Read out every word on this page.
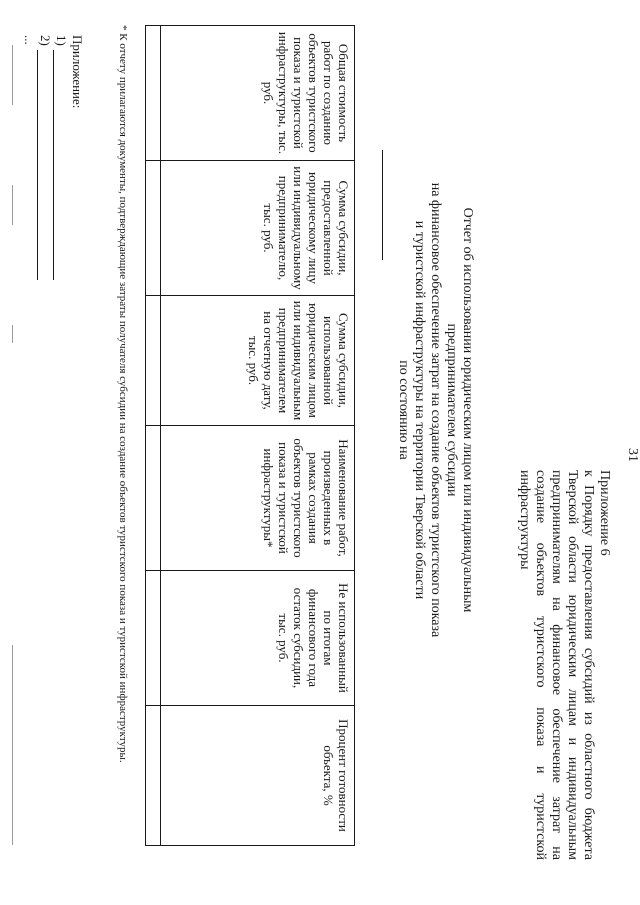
31
Приложение 6
к Порядку предоставления субсидий из областного бюджета Тверской области юридическим лицам и индивидуальным предпринимателям на финансовое обеспечение затрат на создание объектов туристского показа и туристской инфраструктуры
Отчет об использовании юридическим лицом или индивидуальным предпринимателем субсидии
на финансовое обеспечение затрат на создание объектов туристского показа
и туристской инфраструктуры на территории Тверской области
по состоянию на
Общая стоимость работ по созданию объектов туристского показа и туристской инфраструктуры, тыс. руб.	Сумма субсидии, предоставленной юридическому лицу или индивидуальному предпринимателю, тыс. руб.	Сумма субсидии, использованной юридическим лицом или индивидуальным предпринимателем на отчетную дату, тыс. руб.	Наименование работ, произведенных в рамках создания объектов туристского показа и туристской инфраструктуры*	Не использованный по итогам финансового года остаток субсидии, тыс. руб.	Процент готовности объекта, %

* К отчету прилагаются документы, подтверждающие затраты получателя субсидии на создание объектов туристского показа и туристской инфраструктуры.
Приложение:
1)
2)
...
